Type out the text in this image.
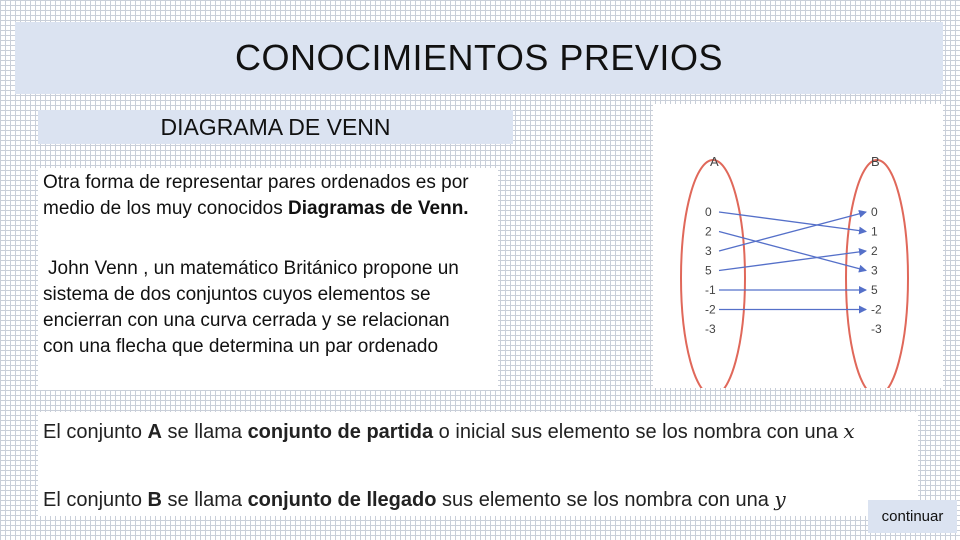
CONOCIMIENTOS PREVIOS
DIAGRAMA DE VENN

Otra forma de representar pares ordenados es por medio de los muy conocidos Diagramas de Venn.

John Venn , un matemático Británico propone un sistema de dos conjuntos cuyos elementos se encierran con una curva cerrada y se relacionan con una flecha que determina un par ordenado

A	B
0
2
3
5
-1
-2
-3
0
1
2
3
5
-2
-3

El conjunto A se llama conjunto de partida o inicial sus elemento se los nombra con una x

El conjunto B se llama conjunto de llegado sus elemento se los nombra con una y

continuar
